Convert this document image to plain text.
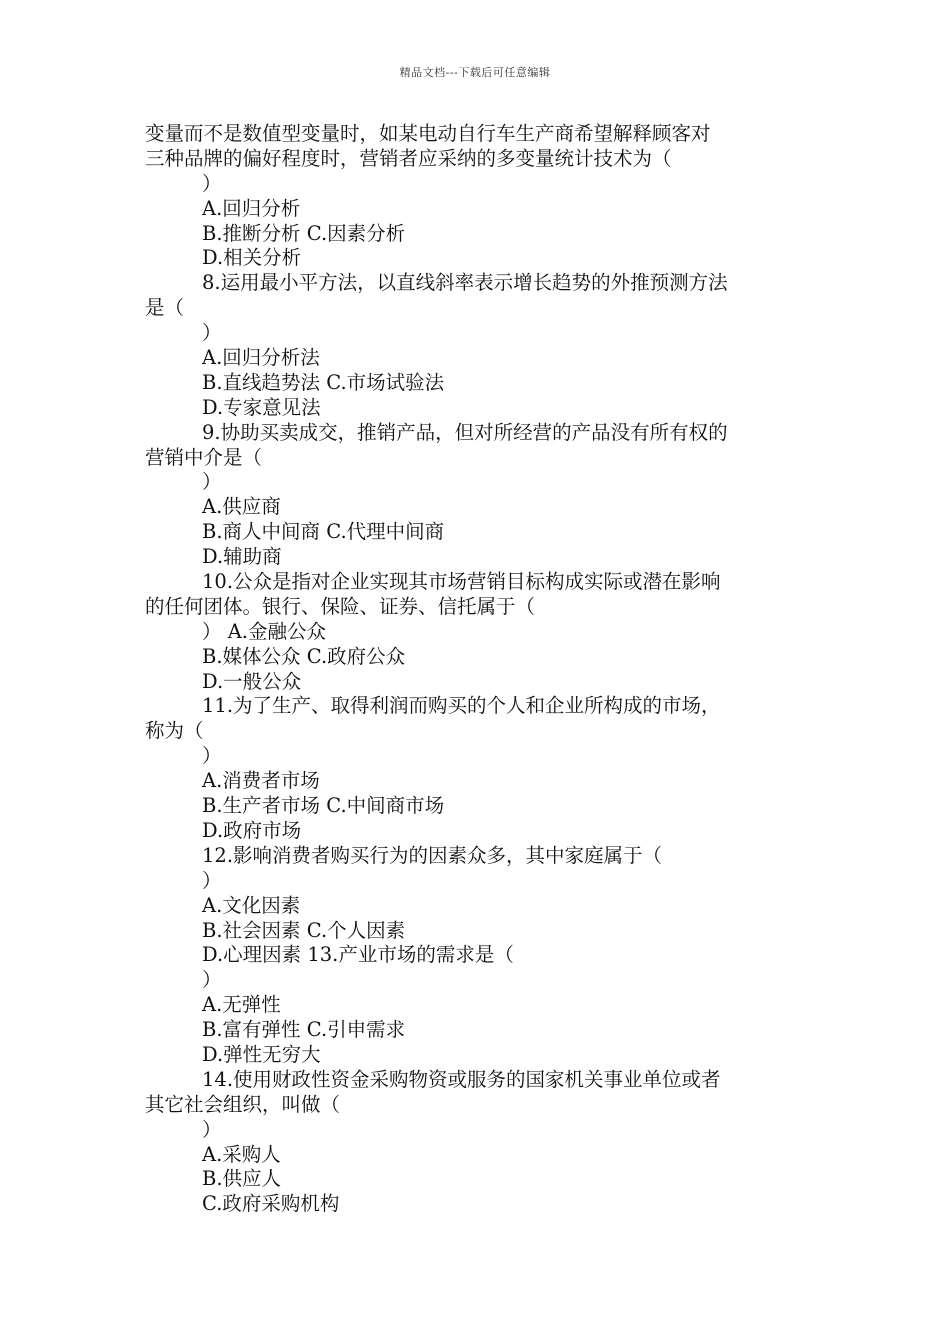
精品文档---下载后可任意编辑
变量而不是数值型变量时，如某电动自行车生产商希望解释顾客对
三种品牌的偏好程度时，营销者应采纳的多变量统计技术为（
）
A.回归分析
B.推断分析 C.因素分析
D.相关分析
8.运用最小平方法，以直线斜率表示增长趋势的外推预测方法
是（
）
A.回归分析法
B.直线趋势法 C.市场试验法
D.专家意见法
9.协助买卖成交，推销产品，但对所经营的产品没有所有权的
营销中介是（
）
A.供应商
B.商人中间商 C.代理中间商
D.辅助商
10.公众是指对企业实现其市场营销目标构成实际或潜在影响
的任何团体。银行、保险、证券、信托属于（
） A.金融公众
B.媒体公众 C.政府公众
D.一般公众
11.为了生产、取得利润而购买的个人和企业所构成的市场，
称为（
）
A.消费者市场
B.生产者市场 C.中间商市场
D.政府市场
12.影响消费者购买行为的因素众多，其中家庭属于（
）
A.文化因素
B.社会因素 C.个人因素
D.心理因素 13.产业市场的需求是（
）
A.无弹性
B.富有弹性 C.引申需求
D.弹性无穷大
14.使用财政性资金采购物资或服务的国家机关事业单位或者
其它社会组织，叫做（
）
A.采购人
B.供应人
C.政府采购机构
